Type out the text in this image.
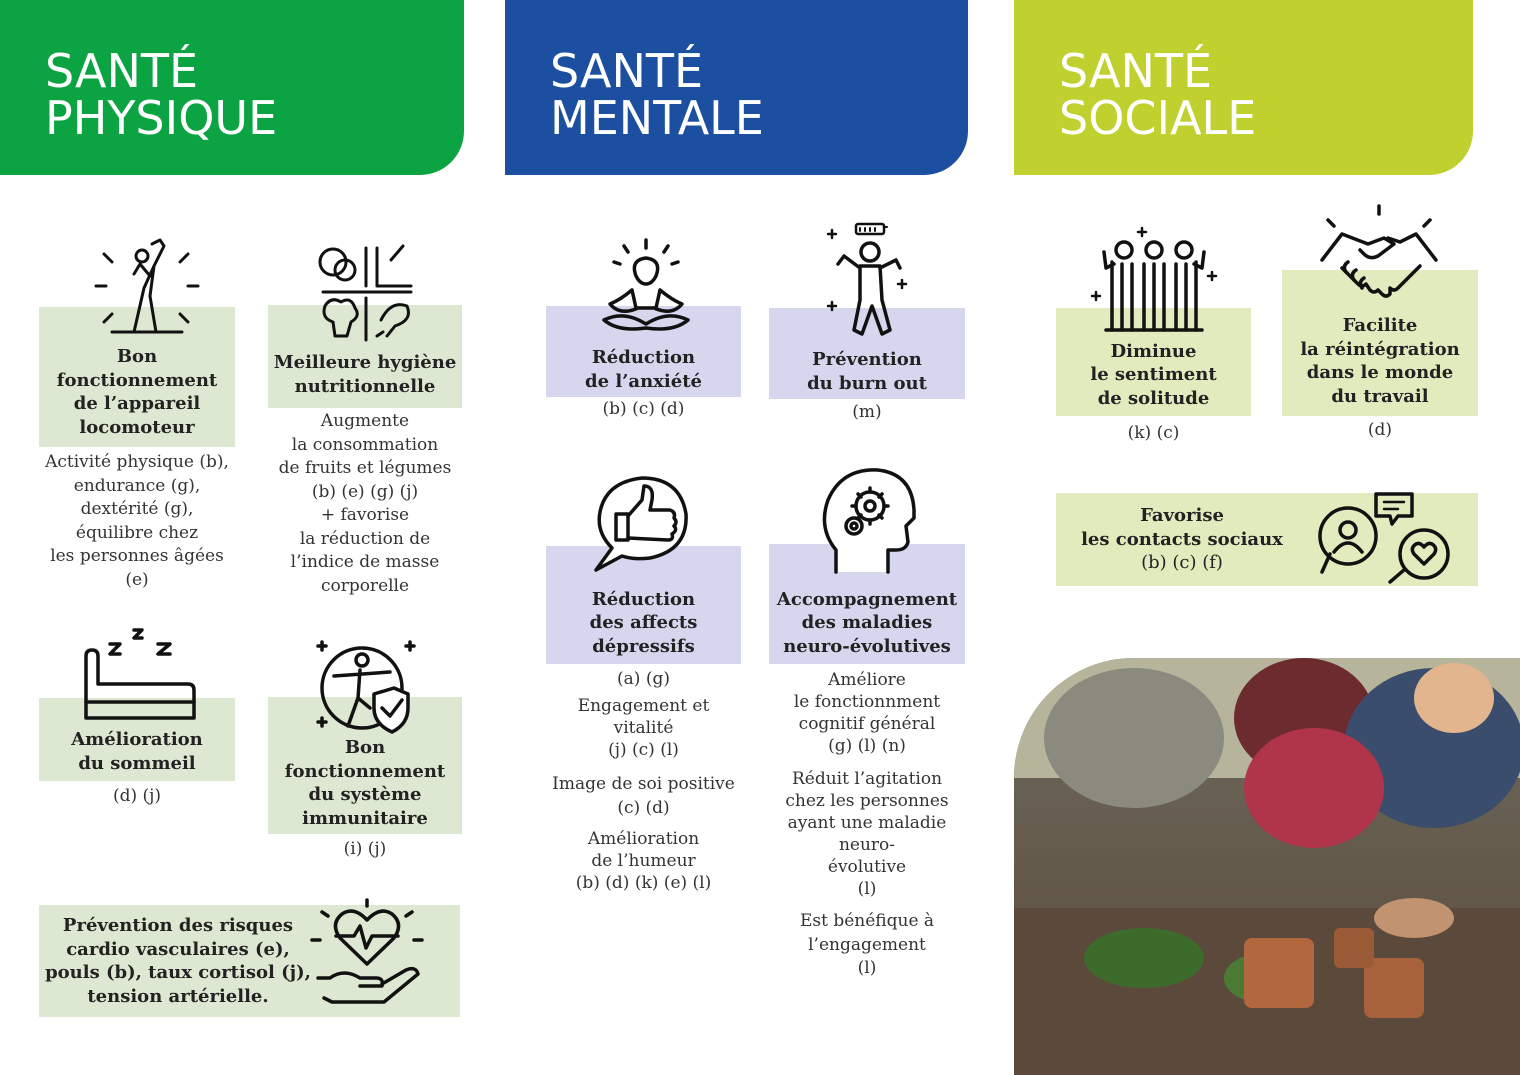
SANTÉ
PHYSIQUE
SANTÉ
MENTALE
SANTÉ
SOCIALE
Bon
fonctionnement
de l’appareil
locomoteur
Activité physique (b),
endurance (g),
dextérité (g),
équilibre chez
les personnes âgées
(e)
Meilleure hygiène
nutritionnelle
Augmente
la consommation
de fruits et légumes
(b) (e) (g) (j)
+ favorise
la réduction de
l’indice de masse
corporelle
Amélioration
du sommeil
(d) (j)
Bon
fonctionnement
du système
immunitaire
(i) (j)
Prévention des risques
cardio vasculaires (e),
pouls (b), taux cortisol (j),
tension artérielle.
Réduction
de l’anxiété
(b) (c) (d)
Prévention
du burn out
(m)
Réduction
des affects
dépressifs
(a) (g)
Engagement et
vitalité
(j) (c) (l)
Image de soi positive
(c) (d)
Amélioration
de l’humeur
(b) (d) (k) (e) (l)
Accompagnement
des maladies
neuro-évolutives
Améliore
le fonctionnment
cognitif général
(g) (l) (n)
Réduit l’agitation
chez les personnes
ayant une maladie
neuro-
évolutive
(l)
Est bénéfique à
l’engagement
(l)
Diminue
le sentiment
de solitude
(k) (c)
Facilite
la réintégration
dans le monde
du travail
(d)
Favorise
les contacts sociaux
(b) (c) (f)
